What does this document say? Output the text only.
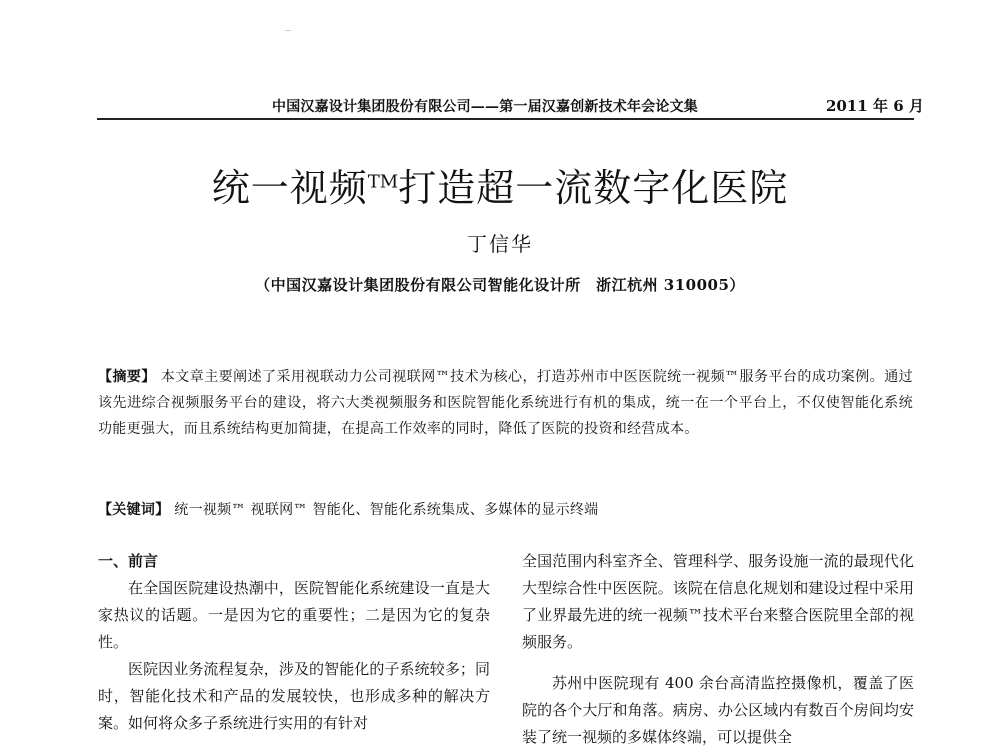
中国汉嘉设计集团股份有限公司——第一届汉嘉创新技术年会论文集	2011 年 6 月
统一视频™打造超一流数字化医院
丁信华
（中国汉嘉设计集团股份有限公司智能化设计所　浙江杭州 310005）
【摘要】 本文章主要阐述了采用视联动力公司视联网™技术为核心，打造苏州市中医医院统一视频™服务平台的成功案例。通过该先进综合视频服务平台的建设，将六大类视频服务和医院智能化系统进行有机的集成，统一在一个平台上，不仅使智能化系统功能更强大，而且系统结构更加简捷，在提高工作效率的同时，降低了医院的投资和经营成本。
【关键词】 统一视频™ 视联网™ 智能化、智能化系统集成、多媒体的显示终端
一、前言

在全国医院建设热潮中，医院智能化系统建设一直是大家热议的话题。一是因为它的重要性；二是因为它的复杂性。

医院因业务流程复杂，涉及的智能化的子系统较多；同时，智能化技术和产品的发展较快，也形成多种的解决方案。如何将众多子系统进行实用的有针对

全国范围内科室齐全、管理科学、服务设施一流的最现代化大型综合性中医医院。该院在信息化规划和建设过程中采用了业界最先进的统一视频™技术平台来整合医院里全部的视频服务。

苏州中医院现有 400 余台高清监控摄像机，覆盖了医院的各个大厅和角落。病房、办公区域内有数百个房间均安装了统一视频的多媒体终端，可以提供全
